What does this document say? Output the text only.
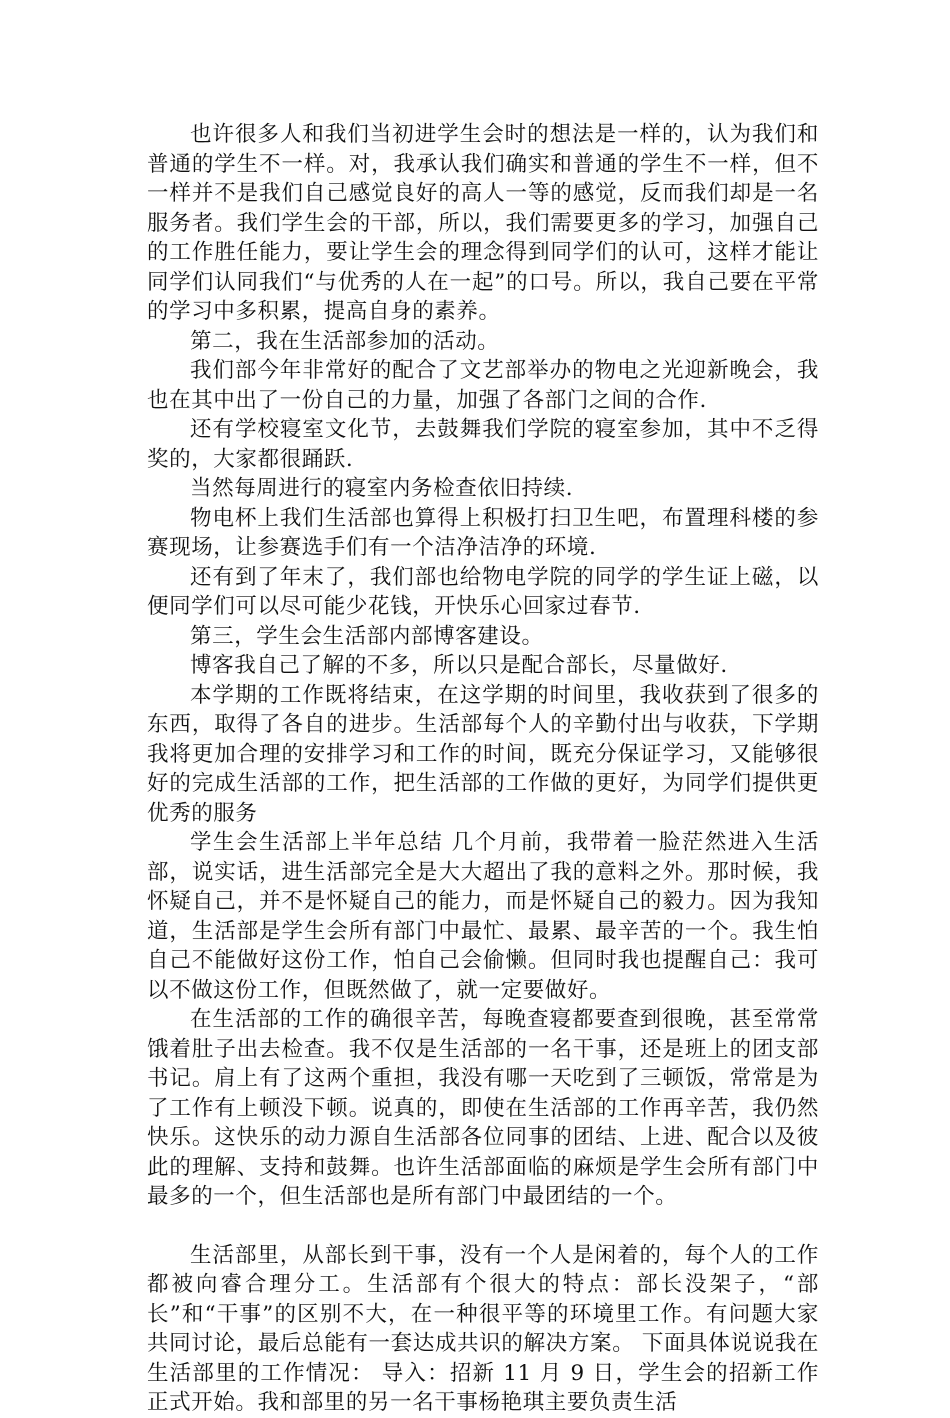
也许很多人和我们当初进学生会时的想法是一样的，认为我们和普通的学生不一样。对，我承认我们确实和普通的学生不一样，但不一样并不是我们自己感觉良好的高人一等的感觉，反而我们却是一名服务者。我们学生会的干部，所以，我们需要更多的学习，加强自己的工作胜任能力，要让学生会的理念得到同学们的认可，这样才能让同学们认同我们“与优秀的人在一起”的口号。所以，我自己要在平常的学习中多积累，提高自身的素养。

第二，我在生活部参加的活动。

我们部今年非常好的配合了文艺部举办的物电之光迎新晚会，我也在其中出了一份自己的力量，加强了各部门之间的合作.

还有学校寝室文化节，去鼓舞我们学院的寝室参加，其中不乏得奖的，大家都很踊跃.

当然每周进行的寝室内务检查依旧持续.

物电杯上我们生活部也算得上积极打扫卫生吧，布置理科楼的参赛现场，让参赛选手们有一个洁净洁净的环境.

还有到了年末了，我们部也给物电学院的同学的学生证上磁，以便同学们可以尽可能少花钱，开快乐心回家过春节.

第三，学生会生活部内部博客建设。

博客我自己了解的不多，所以只是配合部长，尽量做好.

本学期的工作既将结束，在这学期的时间里，我收获到了很多的东西，取得了各自的进步。生活部每个人的辛勤付出与收获，下学期我将更加合理的安排学习和工作的时间，既充分保证学习，又能够很好的完成生活部的工作，把生活部的工作做的更好，为同学们提供更优秀的服务

学生会生活部上半年总结 几个月前，我带着一脸茫然进入生活部，说实话，进生活部完全是大大超出了我的意料之外。那时候，我怀疑自己，并不是怀疑自己的能力，而是怀疑自己的毅力。因为我知道，生活部是学生会所有部门中最忙、最累、最辛苦的一个。我生怕自己不能做好这份工作，怕自己会偷懒。但同时我也提醒自己：我可以不做这份工作，但既然做了，就一定要做好。

在生活部的工作的确很辛苦，每晚查寝都要查到很晚，甚至常常饿着肚子出去检查。我不仅是生活部的一名干事，还是班上的团支部书记。肩上有了这两个重担，我没有哪一天吃到了三顿饭，常常是为了工作有上顿没下顿。说真的，即使在生活部的工作再辛苦，我仍然快乐。这快乐的动力源自生活部各位同事的团结、上进、配合以及彼此的理解、支持和鼓舞。也许生活部面临的麻烦是学生会所有部门中最多的一个，但生活部也是所有部门中最团结的一个。

生活部里，从部长到干事，没有一个人是闲着的，每个人的工作都被向睿合理分工。生活部有个很大的特点：部长没架子，“部长”和“干事”的区别不大，在一种很平等的环境里工作。有问题大家共同讨论，最后总能有一套达成共识的解决方案。 下面具体说说我在生活部里的工作情况： 导入：招新 11 月 9 日，学生会的招新工作正式开始。我和部里的另一名干事杨艳琪主要负责生活
